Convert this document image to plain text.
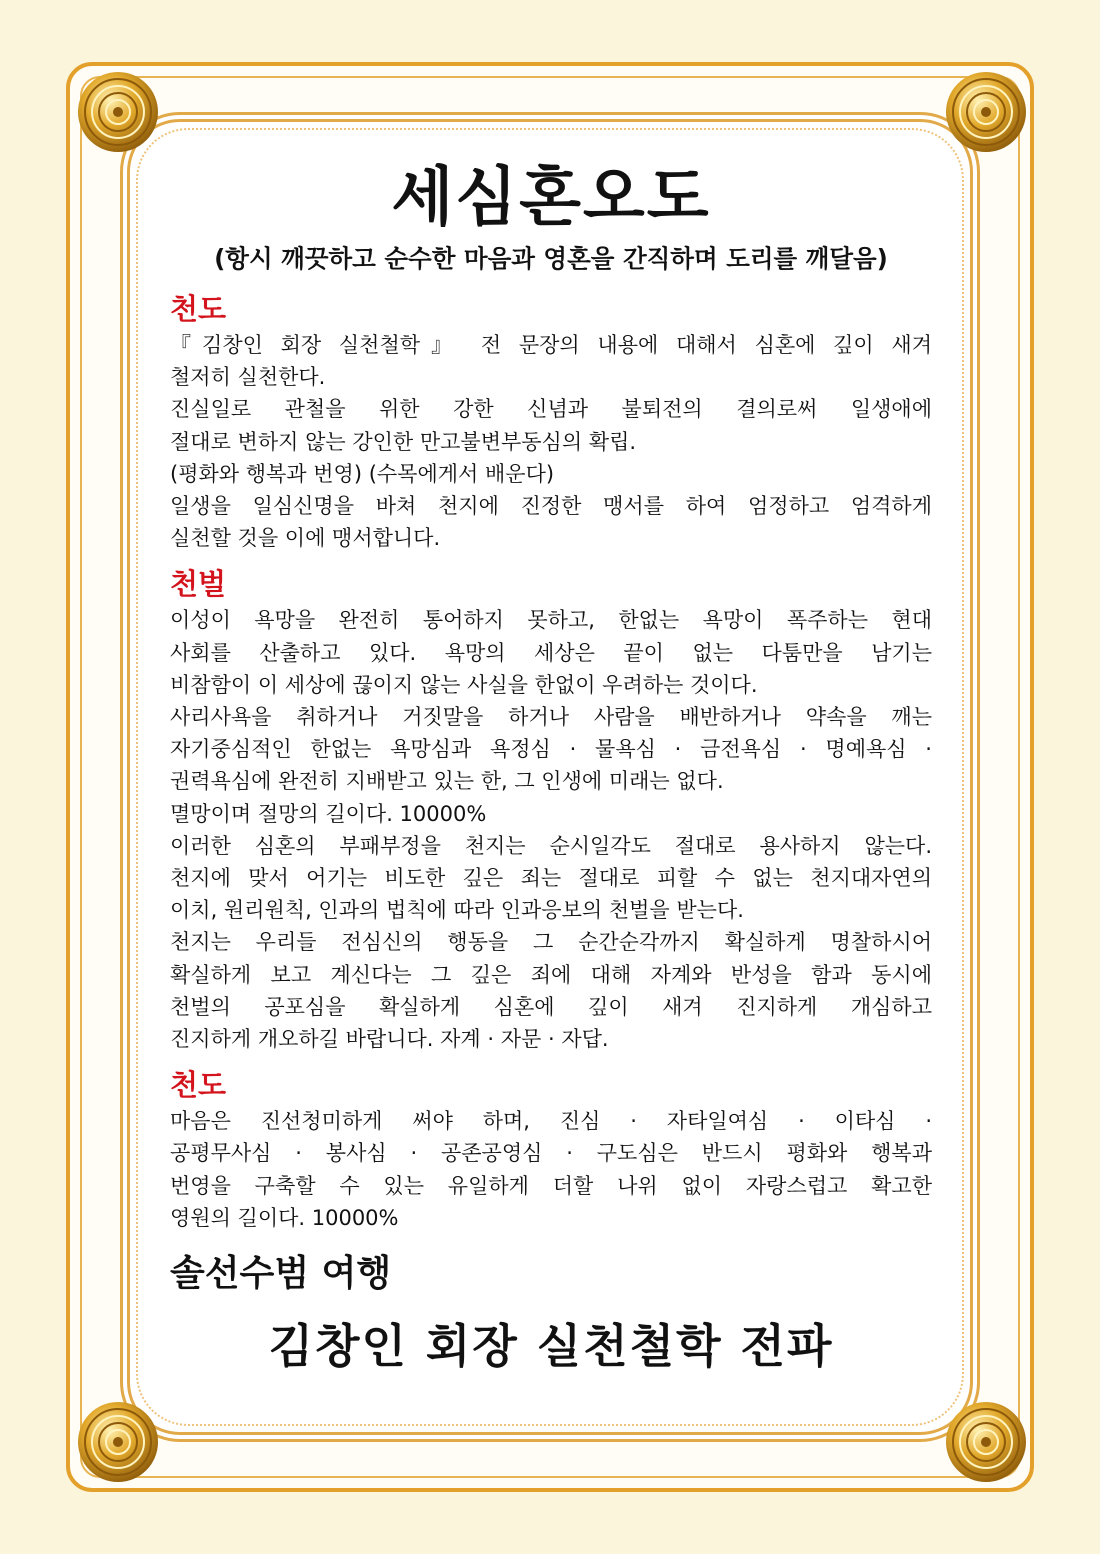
세심혼오도
(항시 깨끗하고 순수한 마음과 영혼을 간직하며 도리를 깨달음)
천도
『김창인 회장 실천철학』 전 문장의 내용에 대해서 심혼에 깊이 새겨
철저히 실천한다.
진실일로 관철을 위한 강한 신념과 불퇴전의 결의로써 일생애에
절대로 변하지 않는 강인한 만고불변부동심의 확립.
(평화와 행복과 번영) (수목에게서 배운다)
일생을 일심신명을 바쳐 천지에 진정한 맹서를 하여 엄정하고 엄격하게
실천할 것을 이에 맹서합니다.
천벌
이성이 욕망을 완전히 통어하지 못하고, 한없는 욕망이 폭주하는 현대
사회를 산출하고 있다. 욕망의 세상은 끝이 없는 다툼만을 남기는
비참함이 이 세상에 끊이지 않는 사실을 한없이 우려하는 것이다.
사리사욕을 취하거나 거짓말을 하거나 사람을 배반하거나 약속을 깨는
자기중심적인 한없는 욕망심과 욕정심 · 물욕심 · 금전욕심 · 명예욕심 ·
권력욕심에 완전히 지배받고 있는 한, 그 인생에 미래는 없다.
멸망이며 절망의 길이다. 10000%
이러한 심혼의 부패부정을 천지는 순시일각도 절대로 용사하지 않는다.
천지에 맞서 어기는 비도한 깊은 죄는 절대로 피할 수 없는 천지대자연의
이치, 원리원칙, 인과의 법칙에 따라 인과응보의 천벌을 받는다.
천지는 우리들 전심신의 행동을 그 순간순각까지 확실하게 명찰하시어
확실하게 보고 계신다는 그 깊은 죄에 대해 자계와 반성을 함과 동시에
천벌의 공포심을 확실하게 심혼에 깊이 새겨 진지하게 개심하고
진지하게 개오하길 바랍니다. 자계 · 자문 · 자답.
천도
마음은 진선청미하게 써야 하며, 진심 · 자타일여심 · 이타심 ·
공평무사심 · 봉사심 · 공존공영심 · 구도심은 반드시 평화와 행복과
번영을 구축할 수 있는 유일하게 더할 나위 없이 자랑스럽고 확고한
영원의 길이다. 10000%
솔선수범 여행
김창인 회장 실천철학 전파
